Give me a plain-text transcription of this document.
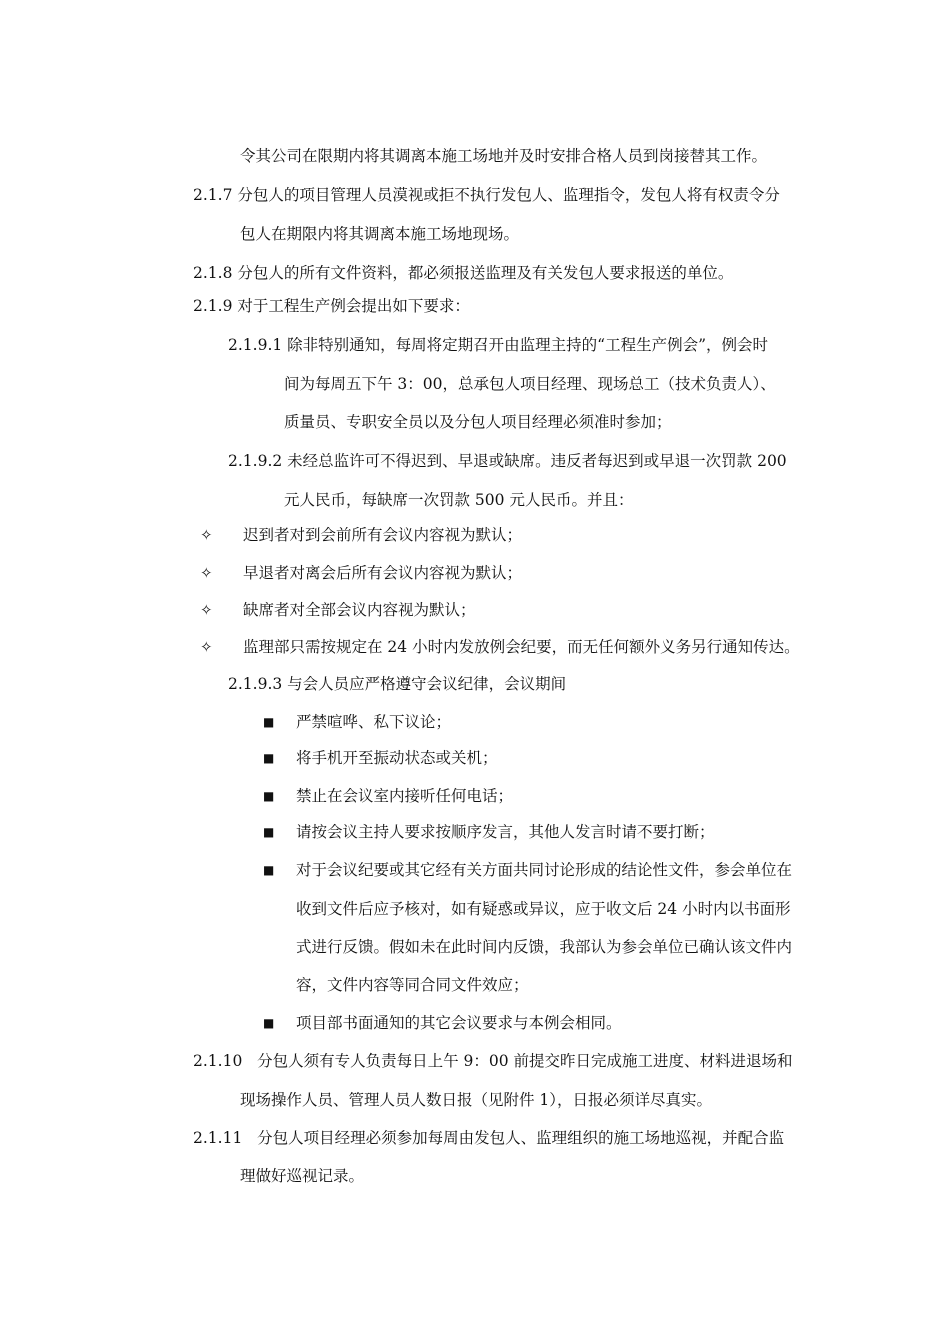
令其公司在限期内将其调离本施工场地并及时安排合格人员到岗接替其工作。
2.1.7 分包人的项目管理人员漠视或拒不执行发包人、监理指令，发包人将有权责令分
包人在期限内将其调离本施工场地现场。
2.1.8 分包人的所有文件资料，都必须报送监理及有关发包人要求报送的单位。
2.1.9 对于工程生产例会提出如下要求：
2.1.9.1 除非特别通知，每周将定期召开由监理主持的“工程生产例会”，例会时
间为每周五下午 3：00，总承包人项目经理、现场总工（技术负责人）、
质量员、专职安全员以及分包人项目经理必须准时参加；
2.1.9.2 未经总监许可不得迟到、早退或缺席。违反者每迟到或早退一次罚款 200
元人民币，每缺席一次罚款 500 元人民币。并且：
✧ 迟到者对到会前所有会议内容视为默认；
✧ 早退者对离会后所有会议内容视为默认；
✧ 缺席者对全部会议内容视为默认；
✧ 监理部只需按规定在 24 小时内发放例会纪要，而无任何额外义务另行通知传达。
2.1.9.3 与会人员应严格遵守会议纪律，会议期间
■ 严禁喧哗、私下议论；
■ 将手机开至振动状态或关机；
■ 禁止在会议室内接听任何电话；
■ 请按会议主持人要求按顺序发言，其他人发言时请不要打断；
■ 对于会议纪要或其它经有关方面共同讨论形成的结论性文件，参会单位在
收到文件后应予核对，如有疑惑或异议，应于收文后 24 小时内以书面形
式进行反馈。假如未在此时间内反馈，我部认为参会单位已确认该文件内
容，文件内容等同合同文件效应；
■ 项目部书面通知的其它会议要求与本例会相同。
2.1.10   分包人须有专人负责每日上午 9：00 前提交昨日完成施工进度、材料进退场和
现场操作人员、管理人员人数日报（见附件 1），日报必须详尽真实。
2.1.11   分包人项目经理必须参加每周由发包人、监理组织的施工场地巡视，并配合监
理做好巡视记录。
